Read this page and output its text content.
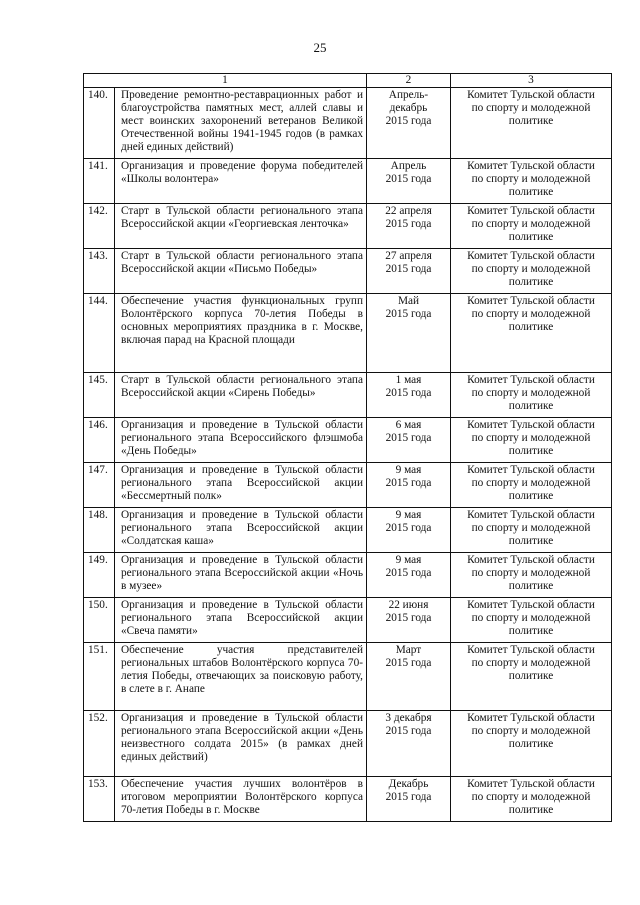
25
1		2	3
140.	Проведение ремонтно-реставрационных работ и благоустройства памятных мест, аллей славы и мест воинских захоронений ветеранов Великой Отечественной войны 1941-1945 годов (в рамках дней единых действий)	Апрель-
декабрь
2015 года	Комитет Тульской области
по спорту и молодежной
политике

141.	Организация и проведение форума победителей «Школы волонтера»	Апрель
2015 года	Комитет Тульской области
по спорту и молодежной
политике

142.	Старт в Тульской области регионального этапа Всероссийской акции «Георгиевская ленточка»	22 апреля
2015 года	Комитет Тульской области
по спорту и молодежной
политике

143.	Старт в Тульской области регионального этапа Всероссийской акции «Письмо Победы»	27 апреля
2015 года	Комитет Тульской области
по спорту и молодежной
политике

144.	Обеспечение участия функциональных групп Волонтёрского корпуса 70-летия Победы в основных мероприятиях праздника в г. Москве, включая парад на Красной площади	Май
2015 года	Комитет Тульской области
по спорту и молодежной
политике

145.	Старт в Тульской области регионального этапа Всероссийской акции «Сирень Победы»	1 мая
2015 года	Комитет Тульской области
по спорту и молодежной
политике

146.	Организация и проведение в Тульской области регионального этапа Всероссийского флэшмоба «День Победы»	6 мая
2015 года	Комитет Тульской области
по спорту и молодежной
политике

147.	Организация и проведение в Тульской области регионального этапа Всероссийской акции «Бессмертный полк»	9 мая
2015 года	Комитет Тульской области
по спорту и молодежной
политике

148.	Организация и проведение в Тульской области регионального этапа Всероссийской акции «Солдатская каша»	9 мая
2015 года	Комитет Тульской области
по спорту и молодежной
политике

149.	Организация и проведение в Тульской области регионального этапа Всероссийской акции «Ночь в музее»	9 мая
2015 года	Комитет Тульской области
по спорту и молодежной
политике

150.	Организация и проведение в Тульской области регионального этапа Всероссийской акции «Свеча памяти»	22 июня
2015 года	Комитет Тульской области
по спорту и молодежной
политике

151.	Обеспечение участия представителей региональных штабов Волонтёрского корпуса 70-летия Победы, отвечающих за поисковую работу, в слете в г. Анапе	Март
2015 года	Комитет Тульской области
по спорту и молодежной
политике

152.	Организация и проведение в Тульской области регионального этапа Всероссийской акции «День неизвестного солдата 2015» (в рамках дней единых действий)	3 декабря
2015 года	Комитет Тульской области
по спорту и молодежной
политике

153.	Обеспечение участия лучших волонтёров в итоговом мероприятии Волонтёрского корпуса 70-летия Победы в г. Москве	Декабрь
2015 года	Комитет Тульской области
по спорту и молодежной
политике
